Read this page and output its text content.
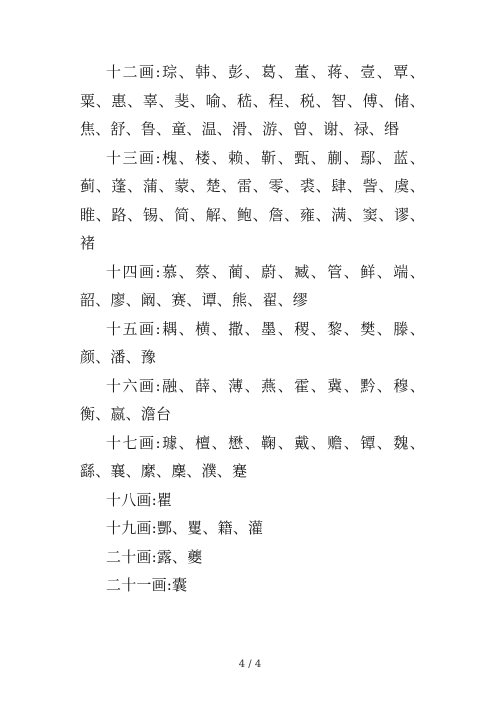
十二画:琮、韩、彭、葛、董、蒋、壹、覃、粟、惠、辜、斐、喻、嵇、程、税、智、傅、储、焦、舒、鲁、童、温、滑、游、曾、谢、禄、缗

十三画:槐、楼、赖、靳、甄、蒯、鄢、蓝、蓟、蓬、蒲、蒙、楚、雷、零、裘、肆、訾、虞、睢、路、锡、简、解、鲍、詹、雍、满、窦、谬、褚

十四画:慕、蔡、蔺、蔚、臧、管、鲜、端、韶、廖、阚、赛、谭、熊、翟、缪

十五画:耦、横、撒、墨、稷、黎、樊、滕、颜、潘、豫

十六画:融、薛、薄、燕、霍、冀、黔、穆、衡、嬴、澹台

十七画:璩、檀、懋、鞠、戴、赡、镡、魏、繇、襄、縻、麇、濮、蹇

十八画:瞿

十九画:酆、矍、籍、灌

二十画:露、夔

二十一画:囊

4 / 4
